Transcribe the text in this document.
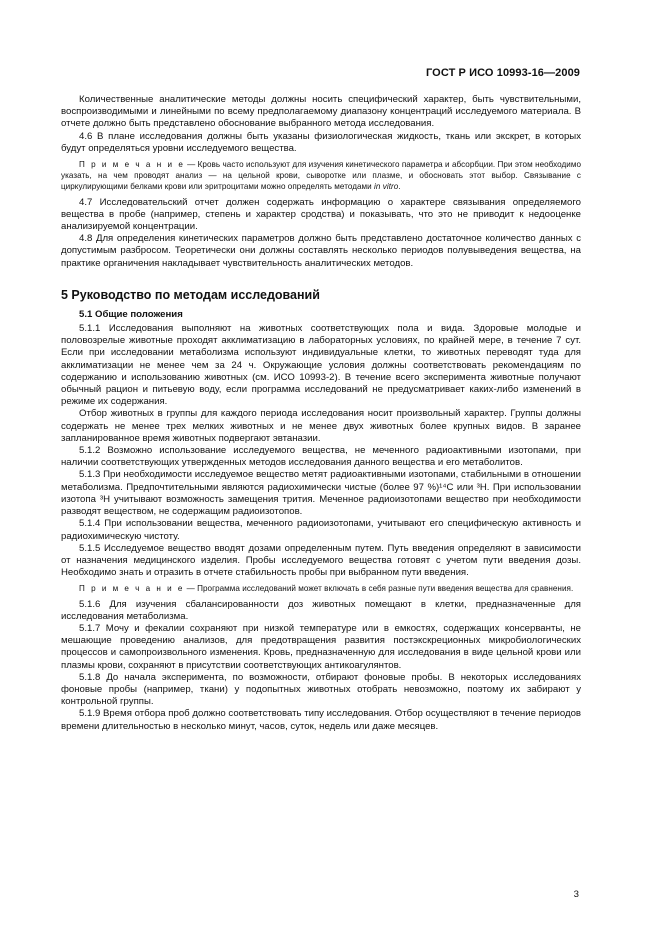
ГОСТ Р ИСО 10993-16—2009

Количественные аналитические методы должны носить специфический характер, быть чувствительными, воспроизводимыми и линейными по всему предполагаемому диапазону концентраций исследуемого материала. В отчете должно быть представлено обоснование выбранного метода исследования.

4.6 В плане исследования должны быть указаны физиологическая жидкость, ткань или экскрет, в которых будут определяться уровни исследуемого вещества.

П р и м е ч а н и е — Кровь часто используют для изучения кинетического параметра и абсорбции. При этом необходимо указать, на чем проводят анализ — на цельной крови, сыворотке или плазме, и обосновать этот выбор. Связывание с циркулирующими белками крови или эритроцитами можно определять методами in vitro.

4.7 Исследовательский отчет должен содержать информацию о характере связывания определяемого вещества в пробе (например, степень и характер сродства) и показывать, что это не приводит к недооценке анализируемой концентрации.

4.8 Для определения кинетических параметров должно быть представлено достаточное количество данных с допустимым разбросом. Теоретически они должны составлять несколько периодов полувыведения вещества, на практике органичения накладывает чувствительность аналитических методов.

5 Руководство по методам исследований
5.1 Общие положения

5.1.1 Исследования выполняют на животных соответствующих пола и вида. Здоровые молодые и половозрелые животные проходят акклиматизацию в лабораторных условиях, по крайней мере, в течение 7 сут. Если при исследовании метаболизма используют индивидуальные клетки, то животных переводят туда для акклиматизации не менее чем за 24 ч. Окружающие условия должны соответствовать рекомендациям по содержанию и использованию животных (см. ИСО 10993-2). В течение всего эксперимента животные получают обычный рацион и питьевую воду, если программа исследований не предусматривает каких-либо изменений в режиме их содержания.

Отбор животных в группы для каждого периода исследования носит произвольный характер. Группы должны содержать не менее трех мелких животных и не менее двух животных более крупных видов. В заранее запланированное время животных подвергают эвтаназии.

5.1.2 Возможно использование исследуемого вещества, не меченного радиоактивными изотопами, при наличии соответствующих утвержденных методов исследования данного вещества и его метаболитов.

5.1.3 При необходимости исследуемое вещество метят радиоактивными изотопами, стабильными в отношении метаболизма. Предпочтительными являются радиохимически чистые (более 97 %)¹⁴С или ³Н. При использовании изотопа ³Н учитывают возможность замещения трития. Меченное радиоизотопами вещество при необходимости разводят веществом, не содержащим радиоизотопов.

5.1.4 При использовании вещества, меченного радиоизотопами, учитывают его специфическую активность и радиохимическую чистоту.

5.1.5 Исследуемое вещество вводят дозами определенным путем. Путь введения определяют в зависимости от назначения медицинского изделия. Пробы исследуемого вещества готовят с учетом пути введения дозы. Необходимо знать и отразить в отчете стабильность пробы при выбранном пути введения.

П р и м е ч а н и е — Программа исследований может включать в себя разные пути введения вещества для сравнения.

5.1.6 Для изучения сбалансированности доз животных помещают в клетки, предназначенные для исследования метаболизма.

5.1.7 Мочу и фекалии сохраняют при низкой температуре или в емкостях, содержащих консерванты, не мешающие проведению анализов, для предотвращения развития постэкскреционных микробиологических процессов и самопроизвольного изменения. Кровь, предназначенную для исследования в виде цельной крови или плазмы крови, сохраняют в присутствии соответствующих антикоагулянтов.

5.1.8 До начала эксперимента, по возможности, отбирают фоновые пробы. В некоторых исследованиях фоновые пробы (например, ткани) у подопытных животных отобрать невозможно, поэтому их забирают у контрольной группы.

5.1.9 Время отбора проб должно соответствовать типу исследования. Отбор осуществляют в течение периодов времени длительностью в несколько минут, часов, суток, недель или даже месяцев.

3
